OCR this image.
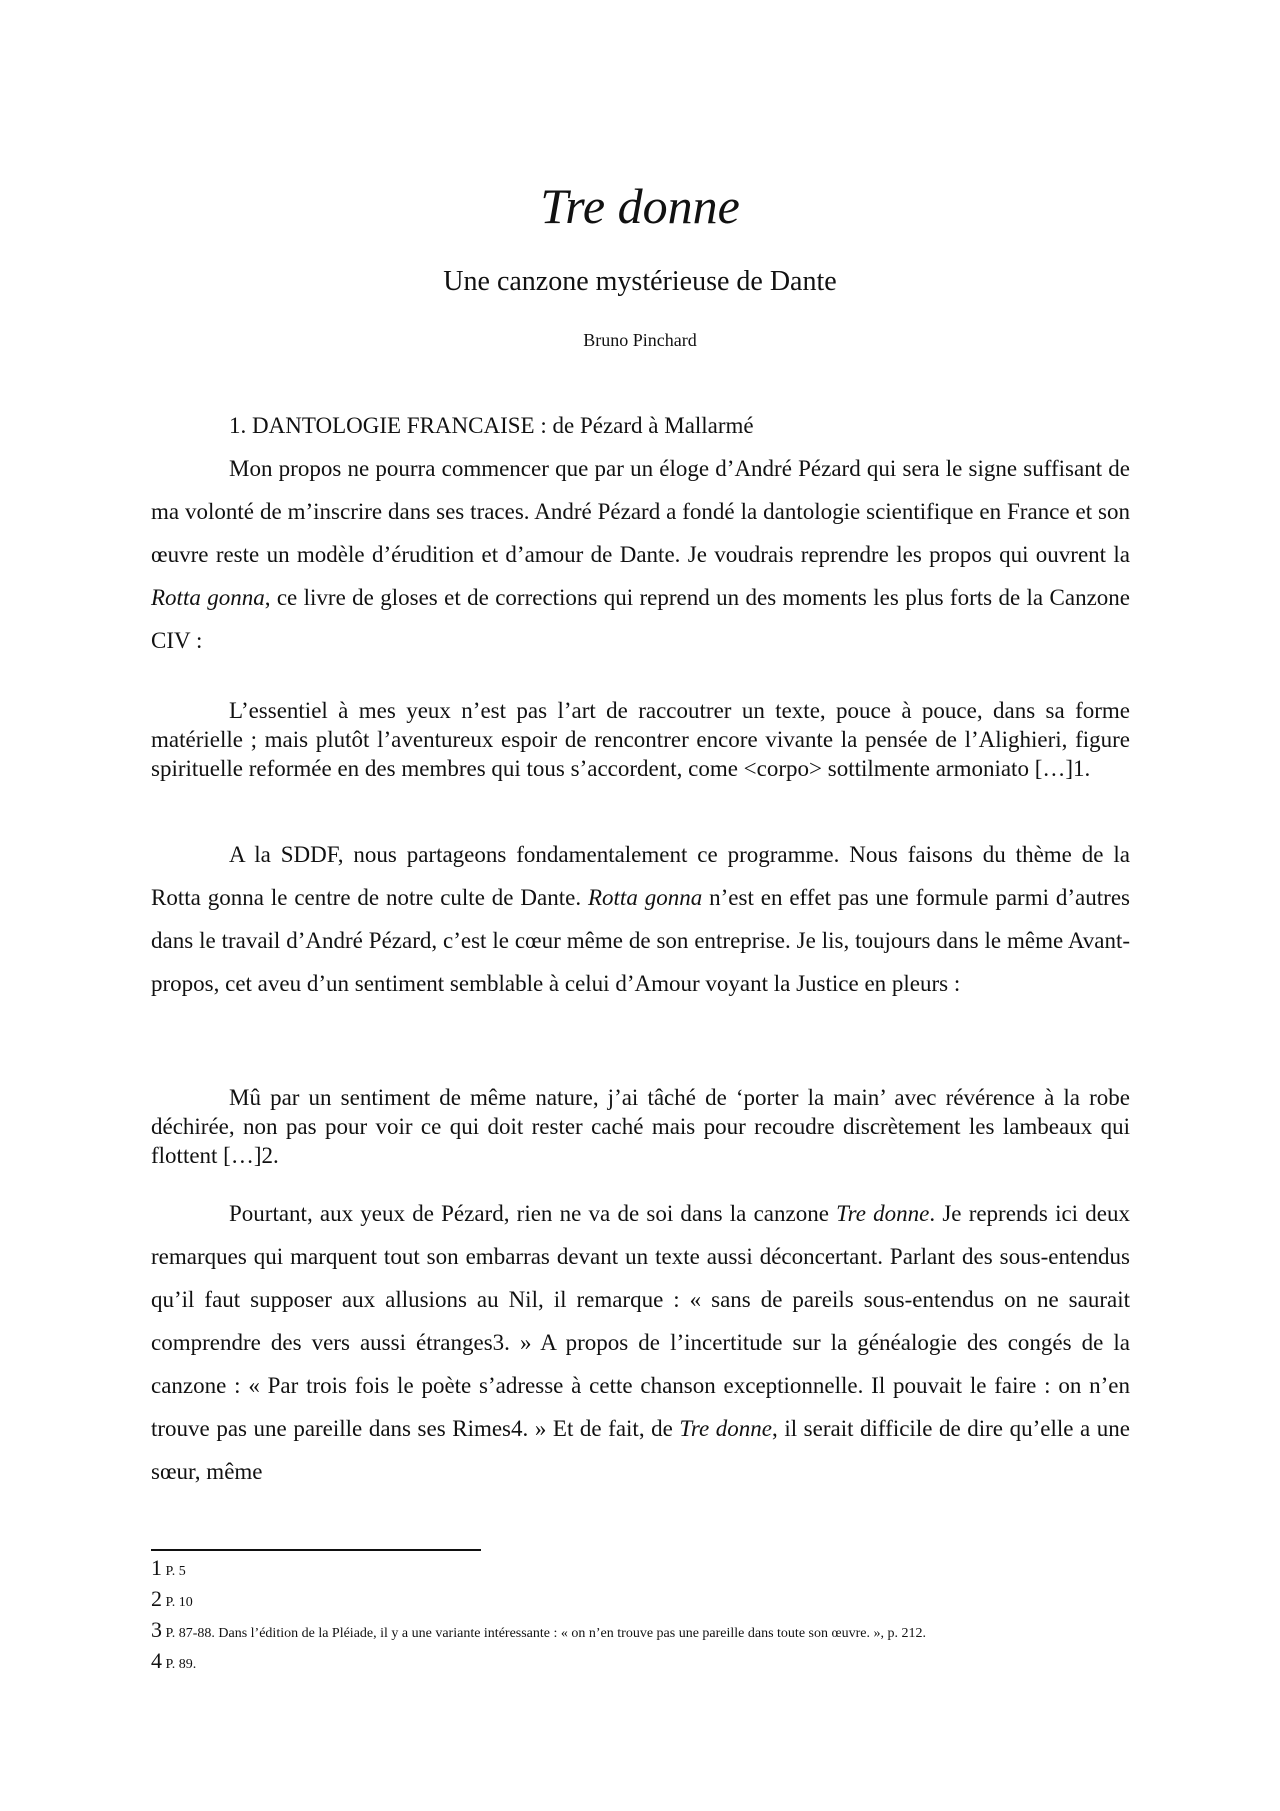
Tre donne
Une canzone mystérieuse de Dante
Bruno Pinchard

1. DANTOLOGIE FRANCAISE : de Pézard à Mallarmé

Mon propos ne pourra commencer que par un éloge d’André Pézard qui sera le signe suffisant de ma volonté de m’inscrire dans ses traces. André Pézard a fondé la dantologie scientifique en France et son œuvre reste un modèle d’érudition et d’amour de Dante. Je voudrais reprendre les propos qui ouvrent la Rotta gonna, ce livre de gloses et de corrections qui reprend un des moments les plus forts de la Canzone CIV :

L’essentiel à mes yeux n’est pas l’art de raccoutrer un texte, pouce à pouce, dans sa forme matérielle ; mais plutôt l’aventureux espoir de rencontrer encore vivante la pensée de l’Alighieri, figure spirituelle reformée en des membres qui tous s’accordent, come <corpo> sottilmente armoniato […]1.

A la SDDF, nous partageons fondamentalement ce programme. Nous faisons du thème de la Rotta gonna le centre de notre culte de Dante. Rotta gonna n’est en effet pas une formule parmi d’autres dans le travail d’André Pézard, c’est le cœur même de son entreprise. Je lis, toujours dans le même Avant-propos, cet aveu d’un sentiment semblable à celui d’Amour voyant la Justice en pleurs :

Mû par un sentiment de même nature, j’ai tâché de ‘porter la main’ avec révérence à la robe déchirée, non pas pour voir ce qui doit rester caché mais pour recoudre discrètement les lambeaux qui flottent […]2.

Pourtant, aux yeux de Pézard, rien ne va de soi dans la canzone Tre donne. Je reprends ici deux remarques qui marquent tout son embarras devant un texte aussi déconcertant. Parlant des sous-entendus qu’il faut supposer aux allusions au Nil, il remarque : « sans de pareils sous-entendus on ne saurait comprendre des vers aussi étranges3. » A propos de l’incertitude sur la généalogie des congés de la canzone : « Par trois fois le poète s’adresse à cette chanson exceptionnelle. Il pouvait le faire : on n’en trouve pas une pareille dans ses Rimes4. » Et de fait, de Tre donne, il serait difficile de dire qu’elle a une sœur, même

1 P. 5
2 P. 10
3 P. 87-88. Dans l’édition de la Pléiade, il y a une variante intéressante : « on n’en trouve pas une pareille dans toute son œuvre. », p. 212.
4 P. 89.
